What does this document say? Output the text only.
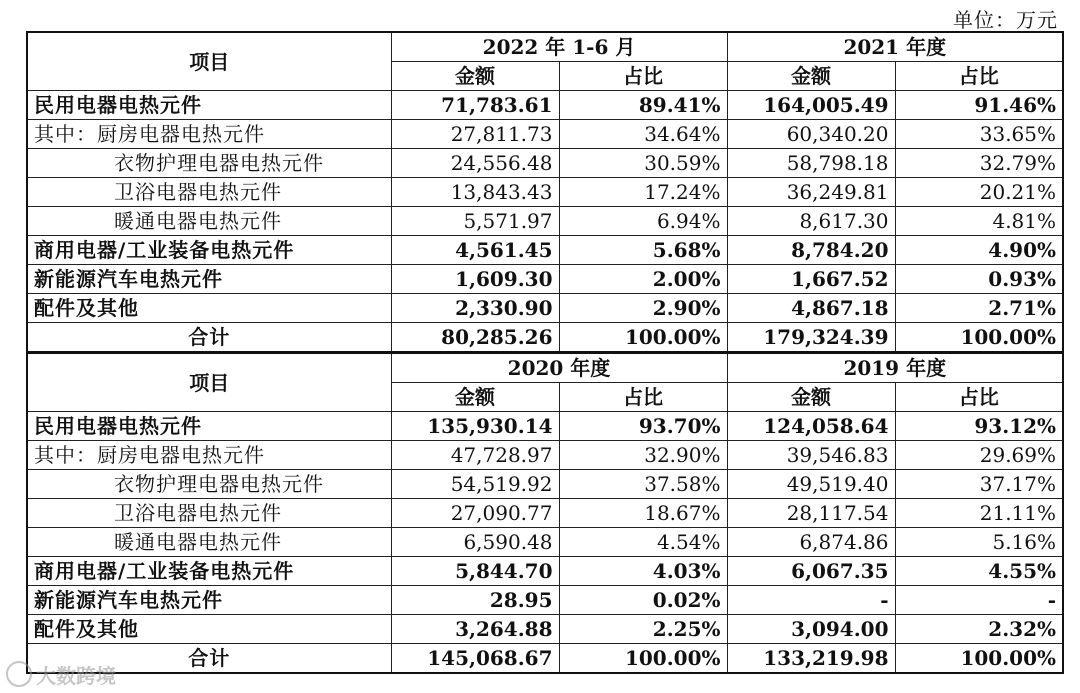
单位：万元
项目	2022 年 1-6 月		2021 年度	
	金额	占比	金额	占比
民用电器电热元件	71,783.61	89.41%	164,005.49	91.46%
其中：厨房电器电热元件	27,811.73	34.64%	60,340.20	33.65%
衣物护理电器电热元件	24,556.48	30.59%	58,798.18	32.79%
卫浴电器电热元件	13,843.43	17.24%	36,249.81	20.21%
暖通电器电热元件	5,571.97	6.94%	8,617.30	4.81%
商用电器/工业装备电热元件	4,561.45	5.68%	8,784.20	4.90%
新能源汽车电热元件	1,609.30	2.00%	1,667.52	0.93%
配件及其他	2,330.90	2.90%	4,867.18	2.71%
合计	80,285.26	100.00%	179,324.39	100.00%
项目	2020 年度		2019 年度	
	金额	占比	金额	占比
民用电器电热元件	135,930.14	93.70%	124,058.64	93.12%
其中：厨房电器电热元件	47,728.97	32.90%	39,546.83	29.69%
衣物护理电器电热元件	54,519.92	37.58%	49,519.40	37.17%
卫浴电器电热元件	27,090.77	18.67%	28,117.54	21.11%
暖通电器电热元件	6,590.48	4.54%	6,874.86	5.16%
商用电器/工业装备电热元件	5,844.70	4.03%	6,067.35	4.55%
新能源汽车电热元件	28.95	0.02%	-	-
配件及其他	3,264.88	2.25%	3,094.00	2.32%
合计	145,068.67	100.00%	133,219.98	100.00%
大数跨境
